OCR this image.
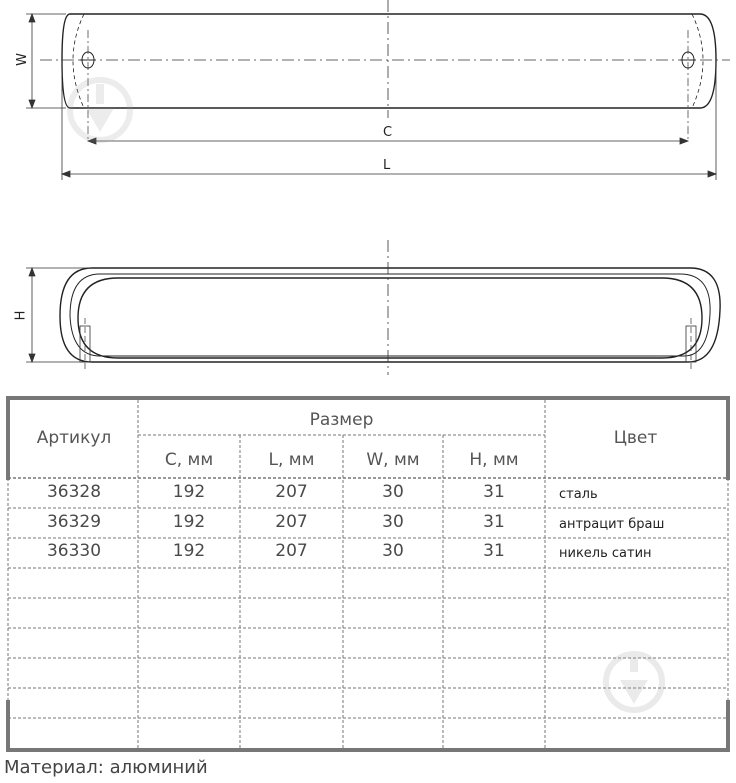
W
C
L
H
Артикул
Размер
Цвет
C, мм	L, мм	W, мм	H, мм
36328	192	207	30	31	сталь
36329	192	207	30	31	антрацит браш
36330	192	207	30	31	никель сатин
Материал: алюминий
